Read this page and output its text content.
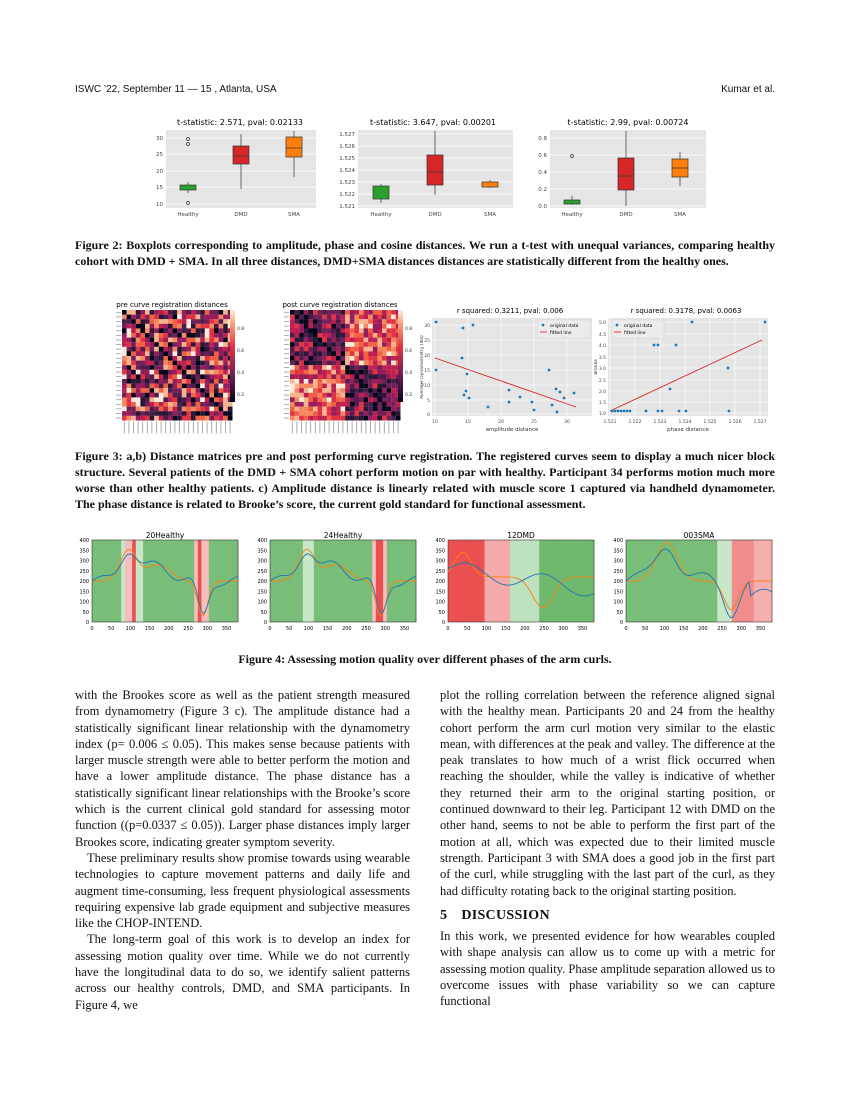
ISWC ’22, September 11 — 15 , Atlanta, USA	Kumar et al.
t-statistic: 2.571, pval: 0.02133
10
15
20
25
30
Healthy	DMD	SMA
t-statistic: 3.647, pval: 0.00201
1.521
1.522
1.523
1.524
1.525
1.526
1.527
Healthy	DMD	SMA
t-statistic: 2.99, pval: 0.00724
0.0
0.2
0.4
0.6
0.8
Healthy	DMD	SMA
Figure 2: Boxplots corresponding to amplitude, phase and cosine distances. We run a t-test with unequal variances, comparing healthy cohort with DMD + SMA. In all three distances, DMD+SMA distances distances are statistically different from the healthy ones.
pre curve registration distances
0.8
0.6
0.4
0.2
post curve registration distances
0.8
0.6
0.4
0.2
r squared: 0.3211, pval: 0.006
0
5
10
15
20
25
30
Average Dynamometry (lbs)
10	15	20	25	30
amplitude distance
original data
fitted line
r squared: 0.3178, pval: 0.0063
1.0
1.5
2.0
2.5
3.0
3.5
4.0
4.5
5.0
Brooke
1.521	1.522	1.523	1.524	1.525	1.526	1.527
phase distance
original data
fitted line
Figure 3: a,b) Distance matrices pre and post performing curve registration. The registered curves seem to display a much nicer block structure. Several patients of the DMD + SMA cohort perform motion on par with healthy. Participant 34 performs motion much more worse than other healthy patients. c) Amplitude distance is linearly related with muscle score 1 captured via handheld dynamometer. The phase distance is related to Brooke’s score, the current gold standard for functional assessment.
20Healthy
0
50
100
150
200
250
300
350
400
0	50 100 150 200 250 300 350
24Healthy
0
50
100
150
200
250
300
350
400
0	50 100 150 200 250 300 350
12DMD
0
50
100
150
200
250
300
350
400
0	50 100 150 200 250 300 350
003SMA
0
50
100
150
200
250
300
350
400
0	50 100 150 200 250 300 350
Figure 4: Assessing motion quality over different phases of the arm curls.

with the Brookes score as well as the patient strength measured from dynamometry (Figure 3 c). The amplitude distance had a statistically significant linear relationship with the dynamometry index (p= 0.006 ≤ 0.05). This makes sense because patients with larger muscle strength were able to better perform the motion and have a lower amplitude distance. The phase distance has a statistically significant linear relationships with the Brooke’s score which is the current clinical gold standard for assessing motor function ((p=0.0337 ≤ 0.05)). Larger phase distances imply larger Brookes score, indicating greater symptom severity.

These preliminary results show promise towards using wearable technologies to capture movement patterns and daily life and augment time-consuming, less frequent physiological assessments requiring expensive lab grade equipment and subjective measures like the CHOP-INTEND.

The long-term goal of this work is to develop an index for assessing motion quality over time. While we do not currently have the longitudinal data to do so, we identify salient patterns across our healthy controls, DMD, and SMA participants. In Figure 4, we

plot the rolling correlation between the reference aligned signal with the healthy mean. Participants 20 and 24 from the healthy cohort perform the arm curl motion very similar to the elastic mean, with differences at the peak and valley. The difference at the peak translates to how much of a wrist flick occurred when reaching the shoulder, while the valley is indicative of whether they returned their arm to the original starting position, or continued downward to their leg. Participant 12 with DMD on the other hand, seems to not be able to perform the first part of the motion at all, which was expected due to their limited muscle strength. Participant 3 with SMA does a good job in the first part of the curl, while struggling with the last part of the curl, as they had difficulty rotating back to the original starting position.

5 DISCUSSION

In this work, we presented evidence for how wearables coupled with shape analysis can allow us to come up with a metric for assessing motion quality. Phase amplitude separation allowed us to overcome issues with phase variability so we can capture functional
